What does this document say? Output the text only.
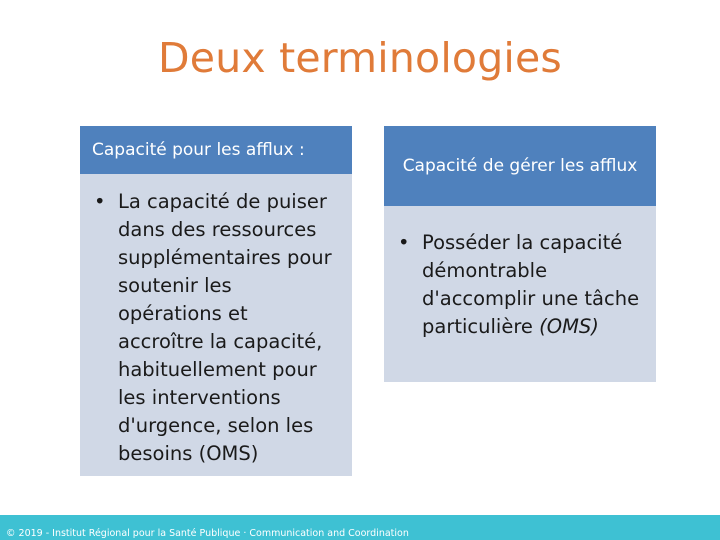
Deux terminologies
Capacité pour les afflux :
• La capacité de puiser dans des ressources supplémentaires pour soutenir les opérations et accroître la capacité, habituellement pour les interventions d'urgence, selon les besoins (OMS)
Capacité de gérer les afflux
• Posséder la capacité démontrable d'accomplir une tâche particulière (OMS)
© 2019 - Institut Régional pour la Santé Publique · Communication and Coordination
